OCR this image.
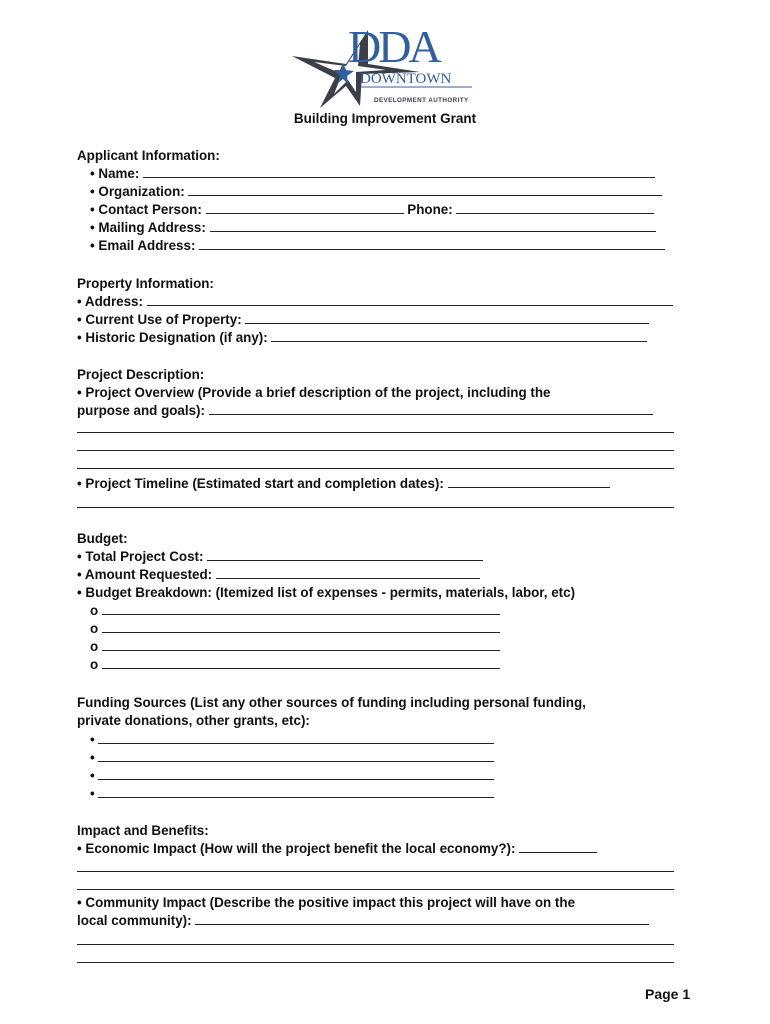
DDA
DOWNTOWN
DEVELOPMENT AUTHORITY
Building Improvement Grant
Applicant Information:
• Name:
• Organization:
• Contact Person:	Phone:
• Mailing Address:
• Email Address:
Property Information:
• Address:
• Current Use of Property:
• Historic Designation (if any):
Project Description:
• Project Overview (Provide a brief description of the project, including the
purpose and goals):
• Project Timeline (Estimated start and completion dates):
Budget:
• Total Project Cost:
• Amount Requested:
• Budget Breakdown: (Itemized list of expenses - permits, materials, labor, etc)
o
o
o
o
Funding Sources (List any other sources of funding including personal funding,
private donations, other grants, etc):
•
•
•
•
Impact and Benefits:
• Economic Impact (How will the project benefit the local economy?):
• Community Impact (Describe the positive impact this project will have on the
local community):
Page 1
